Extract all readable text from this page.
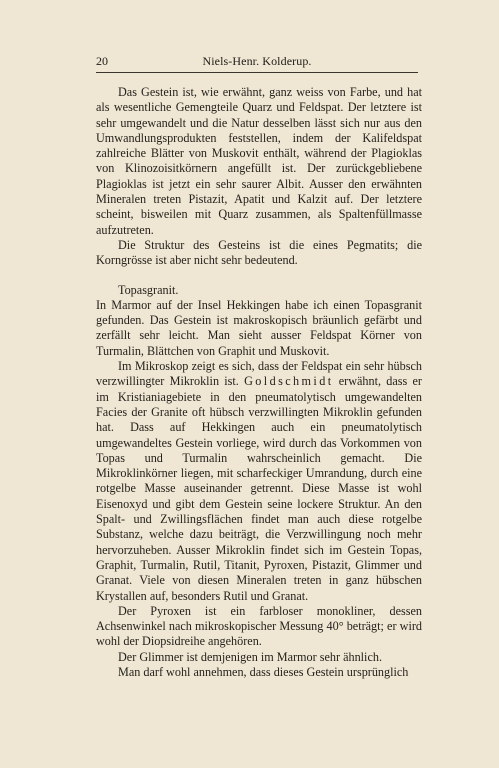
20	Niels-Henr. Kolderup.

Das Gestein ist, wie erwähnt, ganz weiss von Farbe, und hat als wesentliche Gemengteile Quarz und Feldspat. Der letztere ist sehr umgewandelt und die Natur desselben lässt sich nur aus den Umwandlungsprodukten feststellen, indem der Kalifeldspat zahlreiche Blätter von Muskovit enthält, während der Plagioklas von Klinozoisitkörnern angefüllt ist. Der zurückgebliebene Plagioklas ist jetzt ein sehr saurer Albit. Ausser den erwähnten Mineralen treten Pistazit, Apatit und Kalzit auf. Der letztere scheint, bisweilen mit Quarz zusammen, als Spaltenfüllmasse aufzutreten.

Die Struktur des Gesteins ist die eines Pegmatits; die Korngrösse ist aber nicht sehr bedeutend.

Topasgranit.

In Marmor auf der Insel Hekkingen habe ich einen Topasgranit gefunden. Das Gestein ist makroskopisch bräunlich gefärbt und zerfällt sehr leicht. Man sieht ausser Feldspat Körner von Turmalin, Blättchen von Graphit und Muskovit.

Im Mikroskop zeigt es sich, dass der Feldspat ein sehr hübsch verzwillingter Mikroklin ist. Goldschmidt erwähnt, dass er im Kristianiagebiete in den pneumatolytisch umgewandelten Facies der Granite oft hübsch verzwillingten Mikroklin gefunden hat. Dass auf Hekkingen auch ein pneumatolytisch umgewandeltes Gestein vorliege, wird durch das Vorkommen von Topas und Turmalin wahrscheinlich gemacht. Die Mikroklinkörner liegen, mit scharfeckiger Umrandung, durch eine rotgelbe Masse auseinander getrennt. Diese Masse ist wohl Eisenoxyd und gibt dem Gestein seine lockere Struktur. An den Spalt- und Zwillingsflächen findet man auch diese rotgelbe Substanz, welche dazu beiträgt, die Verzwillingung noch mehr hervorzuheben. Ausser Mikroklin findet sich im Gestein Topas, Graphit, Turmalin, Rutil, Titanit, Pyroxen, Pistazit, Glimmer und Granat. Viele von diesen Mineralen treten in ganz hübschen Krystallen auf, besonders Rutil und Granat.

Der Pyroxen ist ein farbloser monokliner, dessen Achsenwinkel nach mikroskopischer Messung 40° beträgt; er wird wohl der Diopsidreihe angehören.

Der Glimmer ist demjenigen im Marmor sehr ähnlich.

Man darf wohl annehmen, dass dieses Gestein ursprünglich
